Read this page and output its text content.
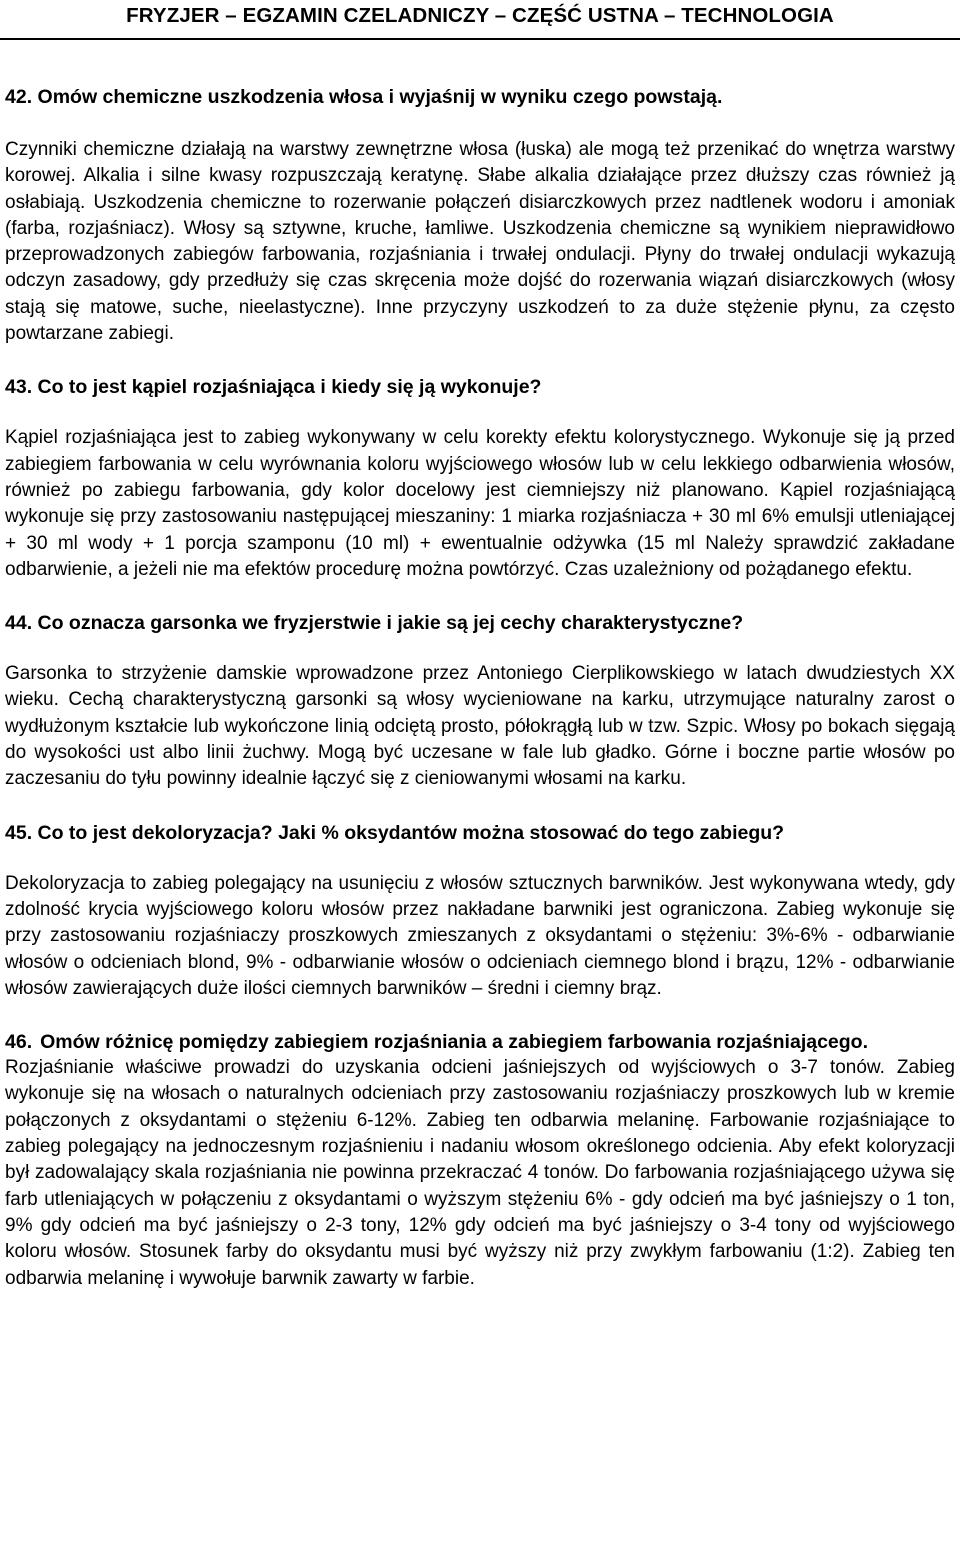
FRYZJER – EGZAMIN CZELADNICZY – CZĘŚĆ USTNA – TECHNOLOGIA

42. Omów chemiczne uszkodzenia włosa i wyjaśnij w wyniku czego powstają.

Czynniki chemiczne działają na warstwy zewnętrzne włosa (łuska) ale mogą też przenikać do wnętrza warstwy korowej. Alkalia i silne kwasy rozpuszczają keratynę. Słabe alkalia działające przez dłuższy czas również ją osłabiają. Uszkodzenia chemiczne to rozerwanie połączeń disiarczkowych przez nadtlenek wodoru i amoniak (farba, rozjaśniacz). Włosy są sztywne, kruche, łamliwe. Uszkodzenia chemiczne są wynikiem nieprawidłowo przeprowadzonych zabiegów farbowania, rozjaśniania i trwałej ondulacji. Płyny do trwałej ondulacji wykazują odczyn zasadowy, gdy przedłuży się czas skręcenia może dojść do rozerwania wiązań disiarczkowych (włosy stają się matowe, suche, nieelastyczne). Inne przyczyny uszkodzeń to za duże stężenie płynu, za często powtarzane zabiegi.

43. Co to jest kąpiel rozjaśniająca i kiedy się ją wykonuje?

Kąpiel rozjaśniająca jest to zabieg wykonywany w celu korekty efektu kolorystycznego. Wykonuje się ją przed zabiegiem farbowania w celu wyrównania koloru wyjściowego włosów lub w celu lekkiego odbarwienia włosów, również po zabiegu farbowania, gdy kolor docelowy jest ciemniejszy niż planowano. Kąpiel rozjaśniającą wykonuje się przy zastosowaniu następującej mieszaniny: 1 miarka rozjaśniacza + 30 ml 6% emulsji utleniającej + 30 ml wody + 1 porcja szamponu (10 ml) + ewentualnie odżywka (15 ml Należy sprawdzić zakładane odbarwienie, a jeżeli nie ma efektów procedurę można powtórzyć. Czas uzależniony od pożądanego efektu.

44. Co oznacza garsonka we fryzjerstwie i jakie są jej cechy charakterystyczne?

Garsonka to strzyżenie damskie wprowadzone przez Antoniego Cierplikowskiego w latach dwudziestych XX wieku. Cechą charakterystyczną garsonki są włosy wycieniowane na karku, utrzymujące naturalny zarost o wydłużonym kształcie lub wykończone linią odciętą prosto, półokrągłą lub w tzw. Szpic. Włosy po bokach sięgają do wysokości ust albo linii żuchwy. Mogą być uczesane w fale lub gładko. Górne i boczne partie włosów po zaczesaniu do tyłu powinny idealnie łączyć się z cieniowanymi włosami na karku.

45. Co to jest dekoloryzacja? Jaki % oksydantów można stosować do tego zabiegu?

Dekoloryzacja to zabieg polegający na usunięciu z włosów sztucznych barwników. Jest wykonywana wtedy, gdy zdolność krycia wyjściowego koloru włosów przez nakładane barwniki jest ograniczona. Zabieg wykonuje się przy zastosowaniu rozjaśniaczy proszkowych zmieszanych z oksydantami o stężeniu: 3%-6% - odbarwianie włosów o odcieniach blond, 9% - odbarwianie włosów o odcieniach ciemnego blond i brązu, 12% - odbarwianie włosów zawierających duże ilości ciemnych barwników – średni i ciemny brąz.

46. Omów różnicę pomiędzy zabiegiem rozjaśniania a zabiegiem farbowania rozjaśniającego.

Rozjaśnianie właściwe prowadzi do uzyskania odcieni jaśniejszych od wyjściowych o 3-7 tonów. Zabieg wykonuje się na włosach o naturalnych odcieniach przy zastosowaniu rozjaśniaczy proszkowych lub w kremie połączonych z oksydantami o stężeniu 6-12%. Zabieg ten odbarwia melaninę. Farbowanie rozjaśniające to zabieg polegający na jednoczesnym rozjaśnieniu i nadaniu włosom określonego odcienia. Aby efekt koloryzacji był zadowalający skala rozjaśniania nie powinna przekraczać 4 tonów. Do farbowania rozjaśniającego używa się farb utleniających w połączeniu z oksydantami o wyższym stężeniu 6% - gdy odcień ma być jaśniejszy o 1 ton, 9% gdy odcień ma być jaśniejszy o 2-3 tony, 12% gdy odcień ma być jaśniejszy o 3-4 tony od wyjściowego koloru włosów. Stosunek farby do oksydantu musi być wyższy niż przy zwykłym farbowaniu (1:2). Zabieg ten odbarwia melaninę i wywołuje barwnik zawarty w farbie.
